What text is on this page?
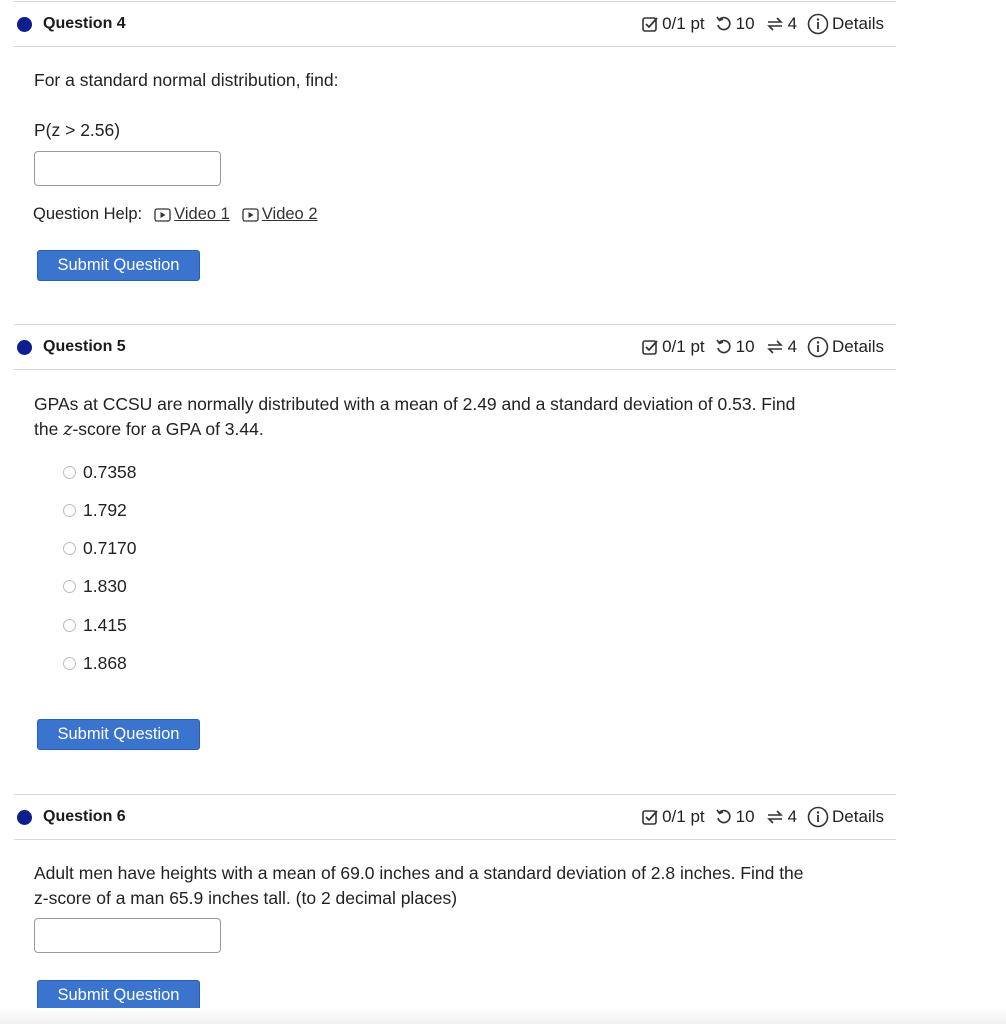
Question 4	0/1 pt 10 4 Details
For a standard normal distribution, find:
P(z > 2.56)
Question Help: Video 1 Video 2
Submit Question
Question 5	0/1 pt 10 4 Details
GPAs at CCSU are normally distributed with a mean of 2.49 and a standard deviation of 0.53. Find
the z-score for a GPA of 3.44.
0.7358
1.792
0.7170
1.830
1.415
1.868
Submit Question
Question 6	0/1 pt 10 4 Details
Adult men have heights with a mean of 69.0 inches and a standard deviation of 2.8 inches. Find the
z-score of a man 65.9 inches tall. (to 2 decimal places)
Submit Question
